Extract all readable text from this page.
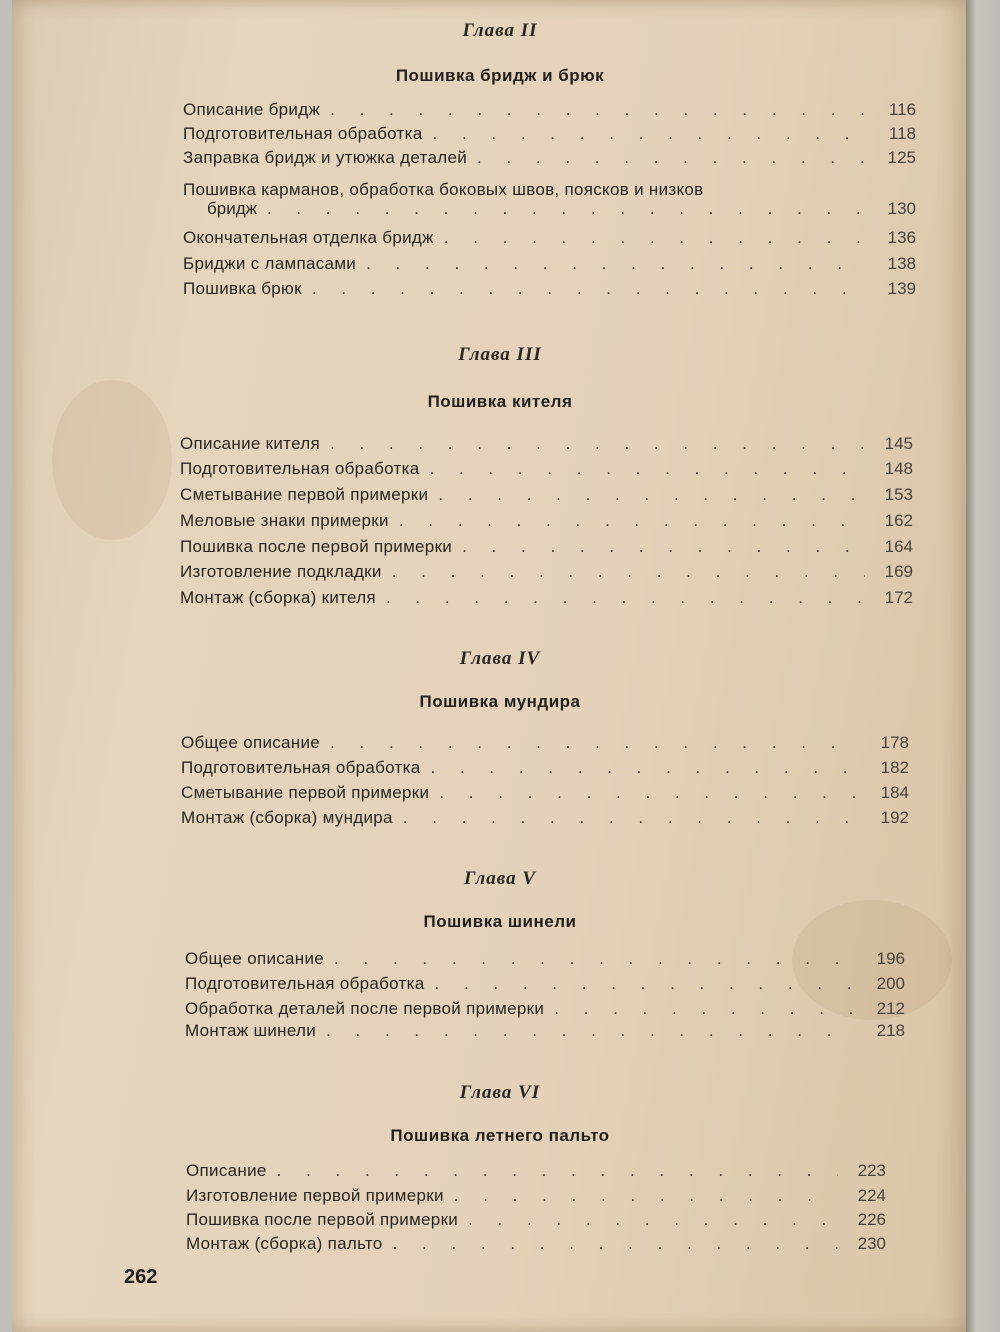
Глава II
Пошивка бридж и брюк
Описание бридж . . .	116
Подготовительная обработка . . .	118
Заправка бридж и утюжка деталей . . .	125
Пошивка карманов, обработка боковых швов, поясков и низков
бридж . . .	130
Окончательная отделка бридж . . .	136
Бриджи с лампасами . . .	138
Пошивка брюк . . .	139
Глава III
Пошивка кителя
Описание кителя . . .	145
Подготовительная обработка . . .	148
Сметывание первой примерки . . .	153
Меловые знаки примерки . . .	162
Пошивка после первой примерки . . .	164
Изготовление подкладки . . .	169
Монтаж (сборка) кителя . . .	172
Глава IV
Пошивка мундира
Общее описание . . .	178
Подготовительная обработка . . .	182
Сметывание первой примерки . . .	184
Монтаж (сборка) мундира . . .	192
Глава V
Пошивка шинели
Общее описание . . .	196
Подготовительная обработка . . .	200
Обработка деталей после первой примерки . . .	212
Монтаж шинели . . .	218
Глава VI
Пошивка летнего пальто
Описание . . .	223
Изготовление первой примерки . . .	224
Пошивка после первой примерки . . .	226
Монтаж (сборка) пальто . . .	230
262
